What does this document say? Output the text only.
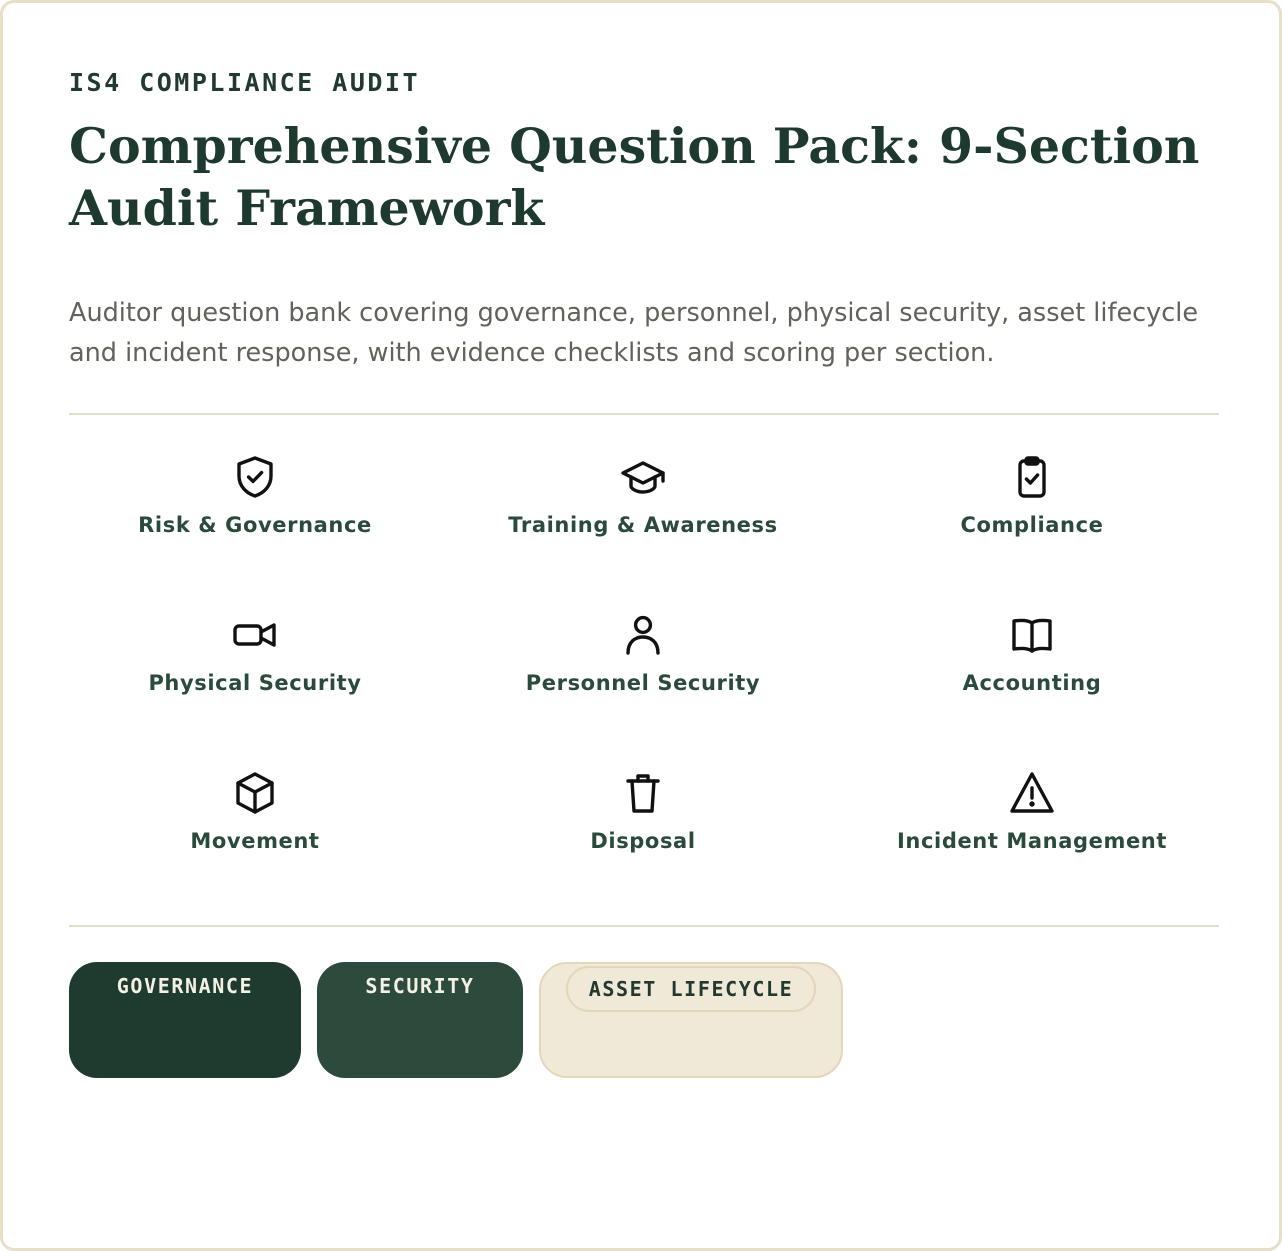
IS4 COMPLIANCE AUDIT
Comprehensive Question Pack: 9-Section Audit Framework

Auditor question bank covering governance, personnel, physical security, asset lifecycle and incident response, with evidence checklists and scoring per section.

Risk & Governance	Training & Awareness	Compliance
Physical Security	Personnel Security	Accounting
Movement	Disposal	Incident Management
GOVERNANCE	SECURITY	ASSET LIFECYCLE
